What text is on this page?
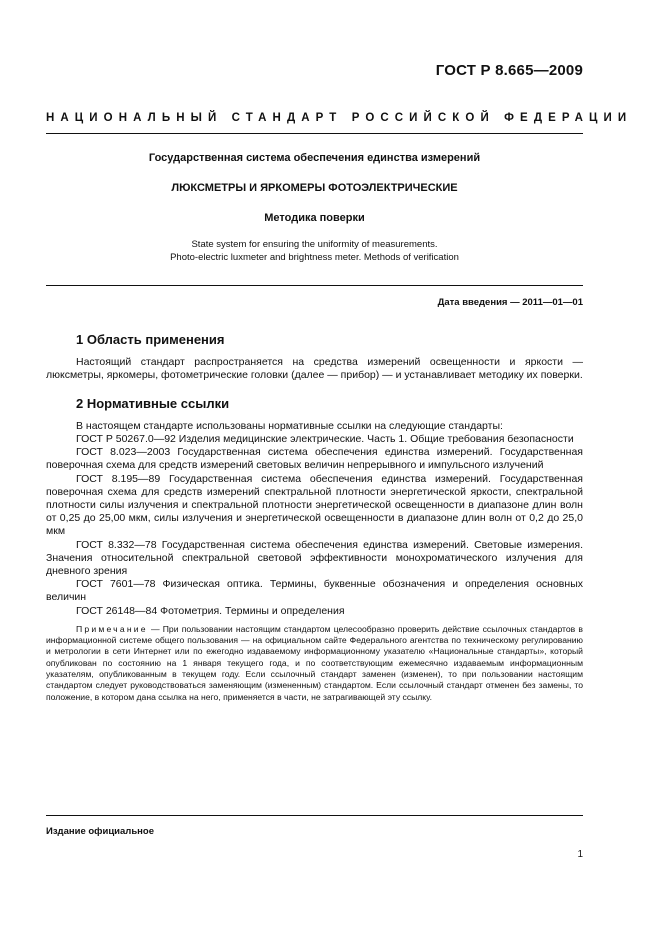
ГОСТ Р 8.665—2009
НАЦИОНАЛЬНЫЙ СТАНДАРТ РОССИЙСКОЙ ФЕДЕРАЦИИ
Государственная система обеспечения единства измерений
ЛЮКСМЕТРЫ И ЯРКОМЕРЫ ФОТОЭЛЕКТРИЧЕСКИЕ
Методика поверки
State system for ensuring the uniformity of measurements.
Photo-electric luxmeter and brightness meter. Methods of verification
Дата введения — 2011—01—01
1 Область применения

Настоящий стандарт распространяется на средства измерений освещенности и яркости — люксметры, яркомеры, фотометрические головки (далее — прибор) — и устанавливает методику их поверки.

2 Нормативные ссылки

В настоящем стандарте использованы нормативные ссылки на следующие стандарты:

ГОСТ Р 50267.0—92 Изделия медицинские электрические. Часть 1. Общие требования безопасности

ГОСТ 8.023—2003 Государственная система обеспечения единства измерений. Государственная поверочная схема для средств измерений световых величин непрерывного и импульсного излучений

ГОСТ 8.195—89 Государственная система обеспечения единства измерений. Государственная поверочная схема для средств измерений спектральной плотности энергетической яркости, спектральной плотности силы излучения и спектральной плотности энергетической освещенности в диапазоне длин волн от 0,25 до 25,00 мкм, силы излучения и энергетической освещенности в диапазоне длин волн от 0,2 до 25,0 мкм

ГОСТ 8.332—78 Государственная система обеспечения единства измерений. Световые измерения. Значения относительной спектральной световой эффективности монохроматического излучения для дневного зрения

ГОСТ 7601—78 Физическая оптика. Термины, буквенные обозначения и определения основных величин

ГОСТ 26148—84 Фотометрия. Термины и определения

Примечание — При пользовании настоящим стандартом целесообразно проверить действие ссылочных стандартов в информационной системе общего пользования — на официальном сайте Федерального агентства по техническому регулированию и метрологии в сети Интернет или по ежегодно издаваемому информационному указателю «Национальные стандарты», который опубликован по состоянию на 1 января текущего года, и по соответствующим ежемесячно издаваемым информационным указателям, опубликованным в текущем году. Если ссылочный стандарт заменен (изменен), то при пользовании настоящим стандартом следует руководствоваться заменяющим (измененным) стандартом. Если ссылочный стандарт отменен без замены, то положение, в котором дана ссылка на него, применяется в части, не затрагивающей эту ссылку.
Издание официальное
1
